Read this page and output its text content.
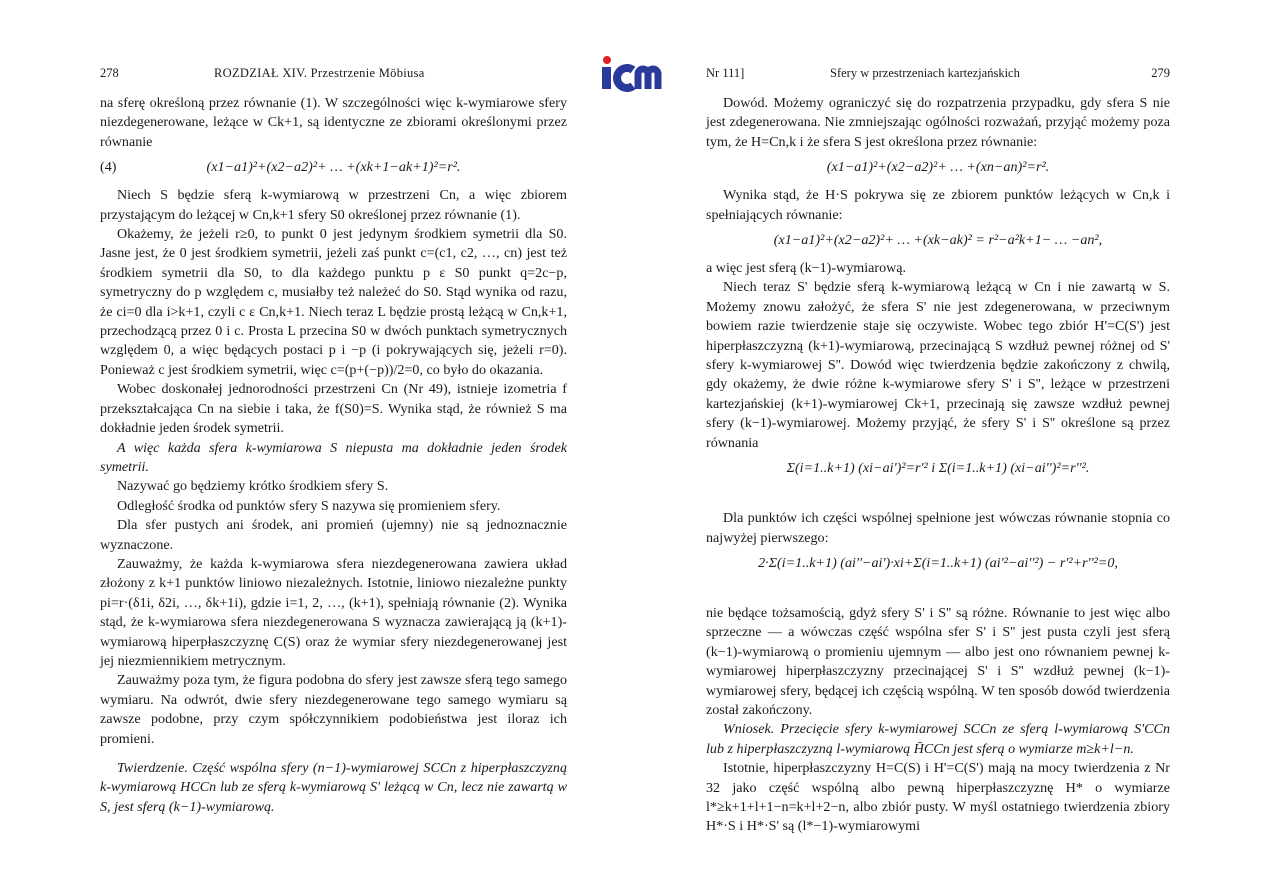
278	ROZDZIAŁ XIV. Przestrzenie Möbiusa

na sferę określoną przez równanie (1). W szczególności więc k-wymiarowe sfery niezdegenerowane, leżące w Ck+1, są identyczne ze zbiorami określonymi przez równanie

(4)	(x1−a1)²+(x2−a2)²+ … +(xk+1−ak+1)²=r².

Niech S będzie sferą k-wymiarową w przestrzeni Cn, a więc zbiorem przystającym do leżącej w Cn,k+1 sfery S0 określonej przez równanie (1).

Okażemy, że jeżeli r≥0, to punkt 0 jest jedynym środkiem symetrii dla S0. Jasne jest, że 0 jest środkiem symetrii, jeżeli zaś punkt c=(c1, c2, …, cn) jest też środkiem symetrii dla S0, to dla każdego punktu p ε S0 punkt q=2c−p, symetryczny do p względem c, musiałby też należeć do S0. Stąd wynika od razu, że ci=0 dla i>k+1, czyli c ε Cn,k+1. Niech teraz L będzie prostą leżącą w Cn,k+1, przechodzącą przez 0 i c. Prosta L przecina S0 w dwóch punktach symetrycznych względem 0, a więc będących postaci p i −p (i pokrywających się, jeżeli r=0). Ponieważ c jest środkiem symetrii, więc c=(p+(−p))/2=0, co było do okazania.

Wobec doskonałej jednorodności przestrzeni Cn (Nr 49), istnieje izometria f przekształcająca Cn na siebie i taka, że f(S0)=S. Wynika stąd, że również S ma dokładnie jeden środek symetrii.

A więc każda sfera k-wymiarowa S niepusta ma dokładnie jeden środek symetrii.

Nazywać go będziemy krótko środkiem sfery S.

Odległość środka od punktów sfery S nazywa się promieniem sfery.

Dla sfer pustych ani środek, ani promień (ujemny) nie są jednoznacznie wyznaczone.

Zauważmy, że każda k-wymiarowa sfera niezdegenerowana zawiera układ złożony z k+1 punktów liniowo niezależnych. Istotnie, liniowo niezależne punkty pi=r·(δ1i, δ2i, …, δk+1i), gdzie i=1, 2, …, (k+1), spełniają równanie (2). Wynika stąd, że k-wymiarowa sfera niezdegenerowana S wyznacza zawierającą ją (k+1)-wymiarową hiperpłaszczyznę C(S) oraz że wymiar sfery niezdegenerowanej jest jej niezmiennikiem metrycznym.

Zauważmy poza tym, że figura podobna do sfery jest zawsze sferą tego samego wymiaru. Na odwrót, dwie sfery niezdegenerowane tego samego wymiaru są zawsze podobne, przy czym spółczynnikiem podobieństwa jest iloraz ich promieni.

Twierdzenie. Część wspólna sfery (n−1)-wymiarowej SCCn z hiperpłaszczyzną k-wymiarową HCCn lub ze sferą k-wymiarową S' leżącą w Cn, lecz nie zawartą w S, jest sferą (k−1)-wymiarową.

Nr 111]	Sfery w przestrzeniach kartezjańskich	279

Dowód. Możemy ograniczyć się do rozpatrzenia przypadku, gdy sfera S nie jest zdegenerowana. Nie zmniejszając ogólności rozważań, przyjąć możemy poza tym, że H=Cn,k i że sfera S jest określona przez równanie:

(x1−a1)²+(x2−a2)²+ … +(xn−an)²=r².

Wynika stąd, że H·S pokrywa się ze zbiorem punktów leżących w Cn,k i spełniających równanie:

(x1−a1)²+(x2−a2)²+ … +(xk−ak)² = r²−a²k+1− … −an²,

a więc jest sferą (k−1)-wymiarową.

Niech teraz S' będzie sferą k-wymiarową leżącą w Cn i nie zawartą w S. Możemy znowu założyć, że sfera S' nie jest zdegenerowana, w przeciwnym bowiem razie twierdzenie staje się oczywiste. Wobec tego zbiór H'=C(S') jest hiperpłaszczyzną (k+1)-wymiarową, przecinającą S wzdłuż pewnej różnej od S' sfery k-wymiarowej S''. Dowód więc twierdzenia będzie zakończony z chwilą, gdy okażemy, że dwie różne k-wymiarowe sfery S' i S'', leżące w przestrzeni kartezjańskiej (k+1)-wymiarowej Ck+1, przecinają się zawsze wzdłuż pewnej sfery (k−1)-wymiarowej. Możemy przyjąć, że sfery S' i S'' określone są przez równania

Σ(i=1..k+1) (xi−ai')²=r'² i Σ(i=1..k+1) (xi−ai'')²=r''².

Dla punktów ich części wspólnej spełnione jest wówczas równanie stopnia co najwyżej pierwszego:

2·Σ(i=1..k+1) (ai''−ai')·xi+Σ(i=1..k+1) (ai'²−ai''²) − r'²+r''²=0,

nie będące tożsamością, gdyż sfery S' i S'' są różne. Równanie to jest więc albo sprzeczne — a wówczas część wspólna sfer S' i S'' jest pusta czyli jest sferą (k−1)-wymiarową o promieniu ujemnym — albo jest ono równaniem pewnej k-wymiarowej hiperpłaszczyzny przecinającej S' i S'' wzdłuż pewnej (k−1)-wymiarowej sfery, będącej ich częścią wspólną. W ten sposób dowód twierdzenia został zakończony.

Wniosek. Przecięcie sfery k-wymiarowej SCCn ze sferą l-wymiarową S'CCn lub z hiperpłaszczyzną l-wymiarową H̄CCn jest sferą o wymiarze m≥k+l−n.

Istotnie, hiperpłaszczyzny H=C(S) i H'=C(S') mają na mocy twierdzenia z Nr 32 jako część wspólną albo pewną hiperpłaszczyznę H* o wymiarze l*≥k+1+l+1−n=k+l+2−n, albo zbiór pusty. W myśl ostatniego twierdzenia zbiory H*·S i H*·S' są (l*−1)-wymiarowymi
